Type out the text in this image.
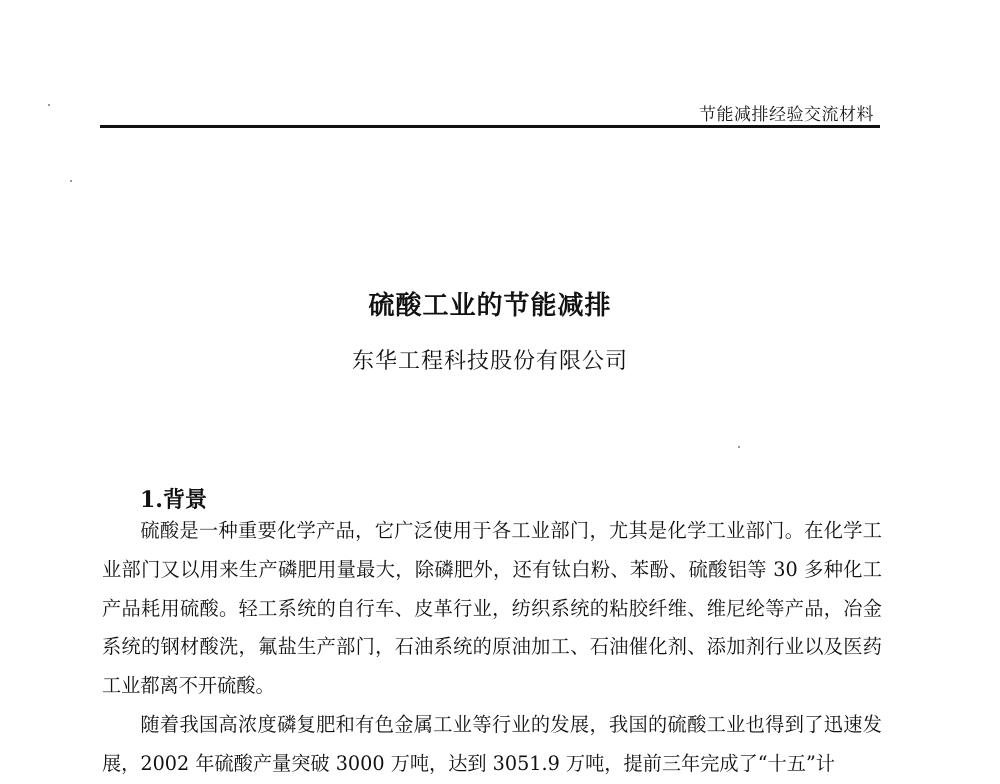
节能减排经验交流材料
硫酸工业的节能减排
东华工程科技股份有限公司
1.背景

硫酸是一种重要化学产品，它广泛使用于各工业部门，尤其是化学工业部门。在化学工业部门又以用来生产磷肥用量最大，除磷肥外，还有钛白粉、苯酚、硫酸铝等 30 多种化工产品耗用硫酸。轻工系统的自行车、皮革行业，纺织系统的粘胶纤维、维尼纶等产品，冶金系统的钢材酸洗，氟盐生产部门，石油系统的原油加工、石油催化剂、添加剂行业以及医药工业都离不开硫酸。

随着我国高浓度磷复肥和有色金属工业等行业的发展，我国的硫酸工业也得到了迅速发展，2002 年硫酸产量突破 3000 万吨，达到 3051.9 万吨，提前三年完成了“十五”计
